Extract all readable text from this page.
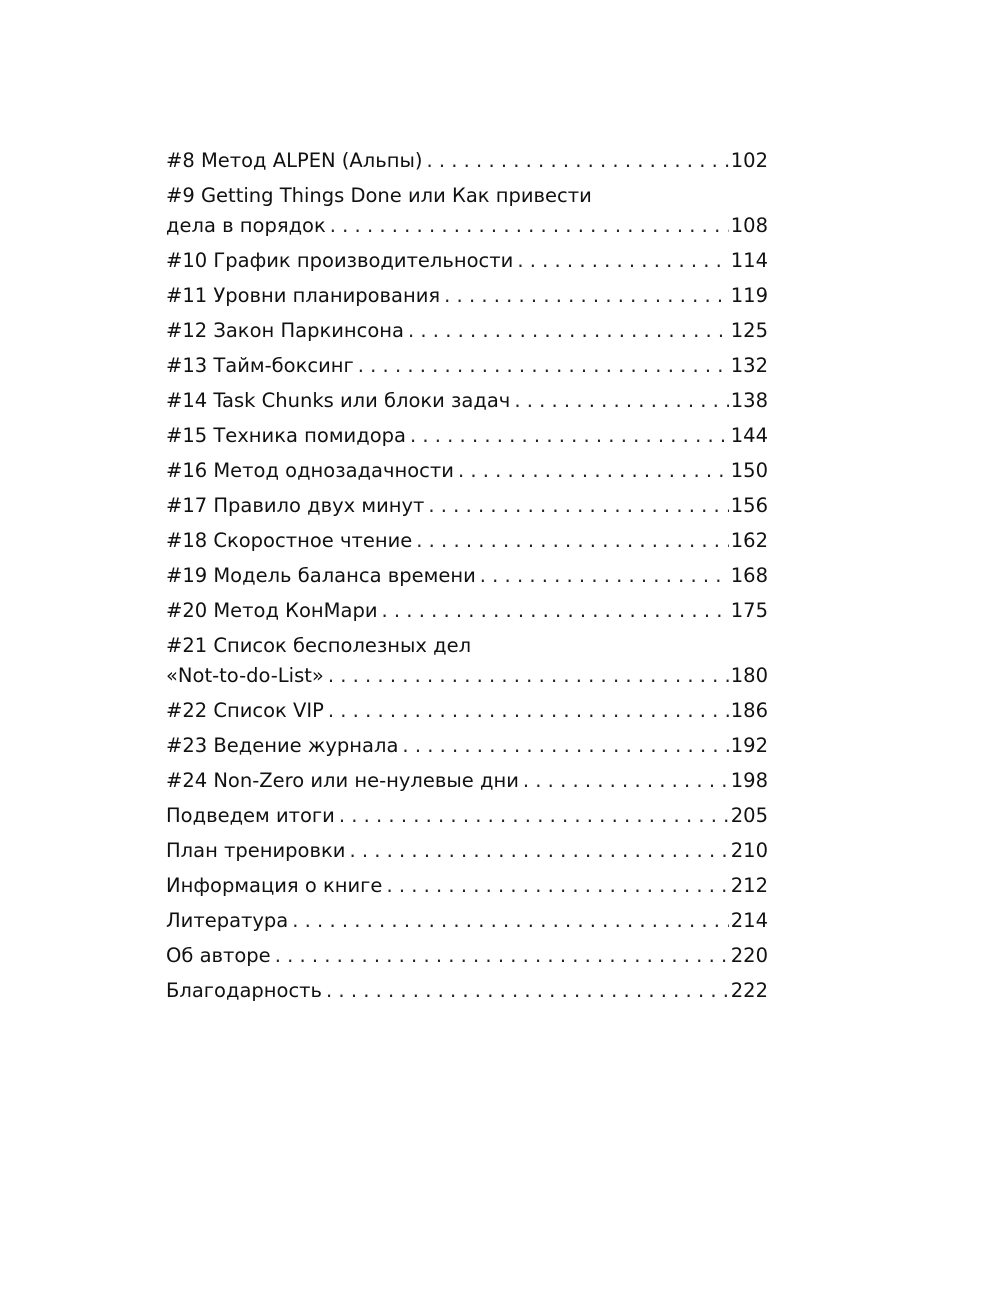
#8 Метод ALPEN (Альпы) . . .	102
#9 Getting Things Done или Как привести
дела в порядок . . .	108
#10 График производительности . . .	114
#11 Уровни планирования . . .	119
#12 Закон Паркинсона . . .	125
#13 Тайм-боксинг . . .	132
#14 Task Chunks или блоки задач . . .	138
#15 Техника помидора . . .	144
#16 Метод однозадачности . . .	150
#17 Правило двух минут . . .	156
#18 Скоростное чтение . . .	162
#19 Модель баланса времени . . .	168
#20 Метод КонМари . . .	175
#21 Список бесполезных дел
«Not-to-do-List» . . .	180
#22 Список VIP . . .	186
#23 Ведение журнала . . .	192
#24 Non-Zero или не-нулевые дни . . .	198
Подведем итоги . . .	205
План тренировки . . .	210
Информация о книге . . .	212
Литература . . .	214
Об авторе . . .	220
Благодарность . . .	222
